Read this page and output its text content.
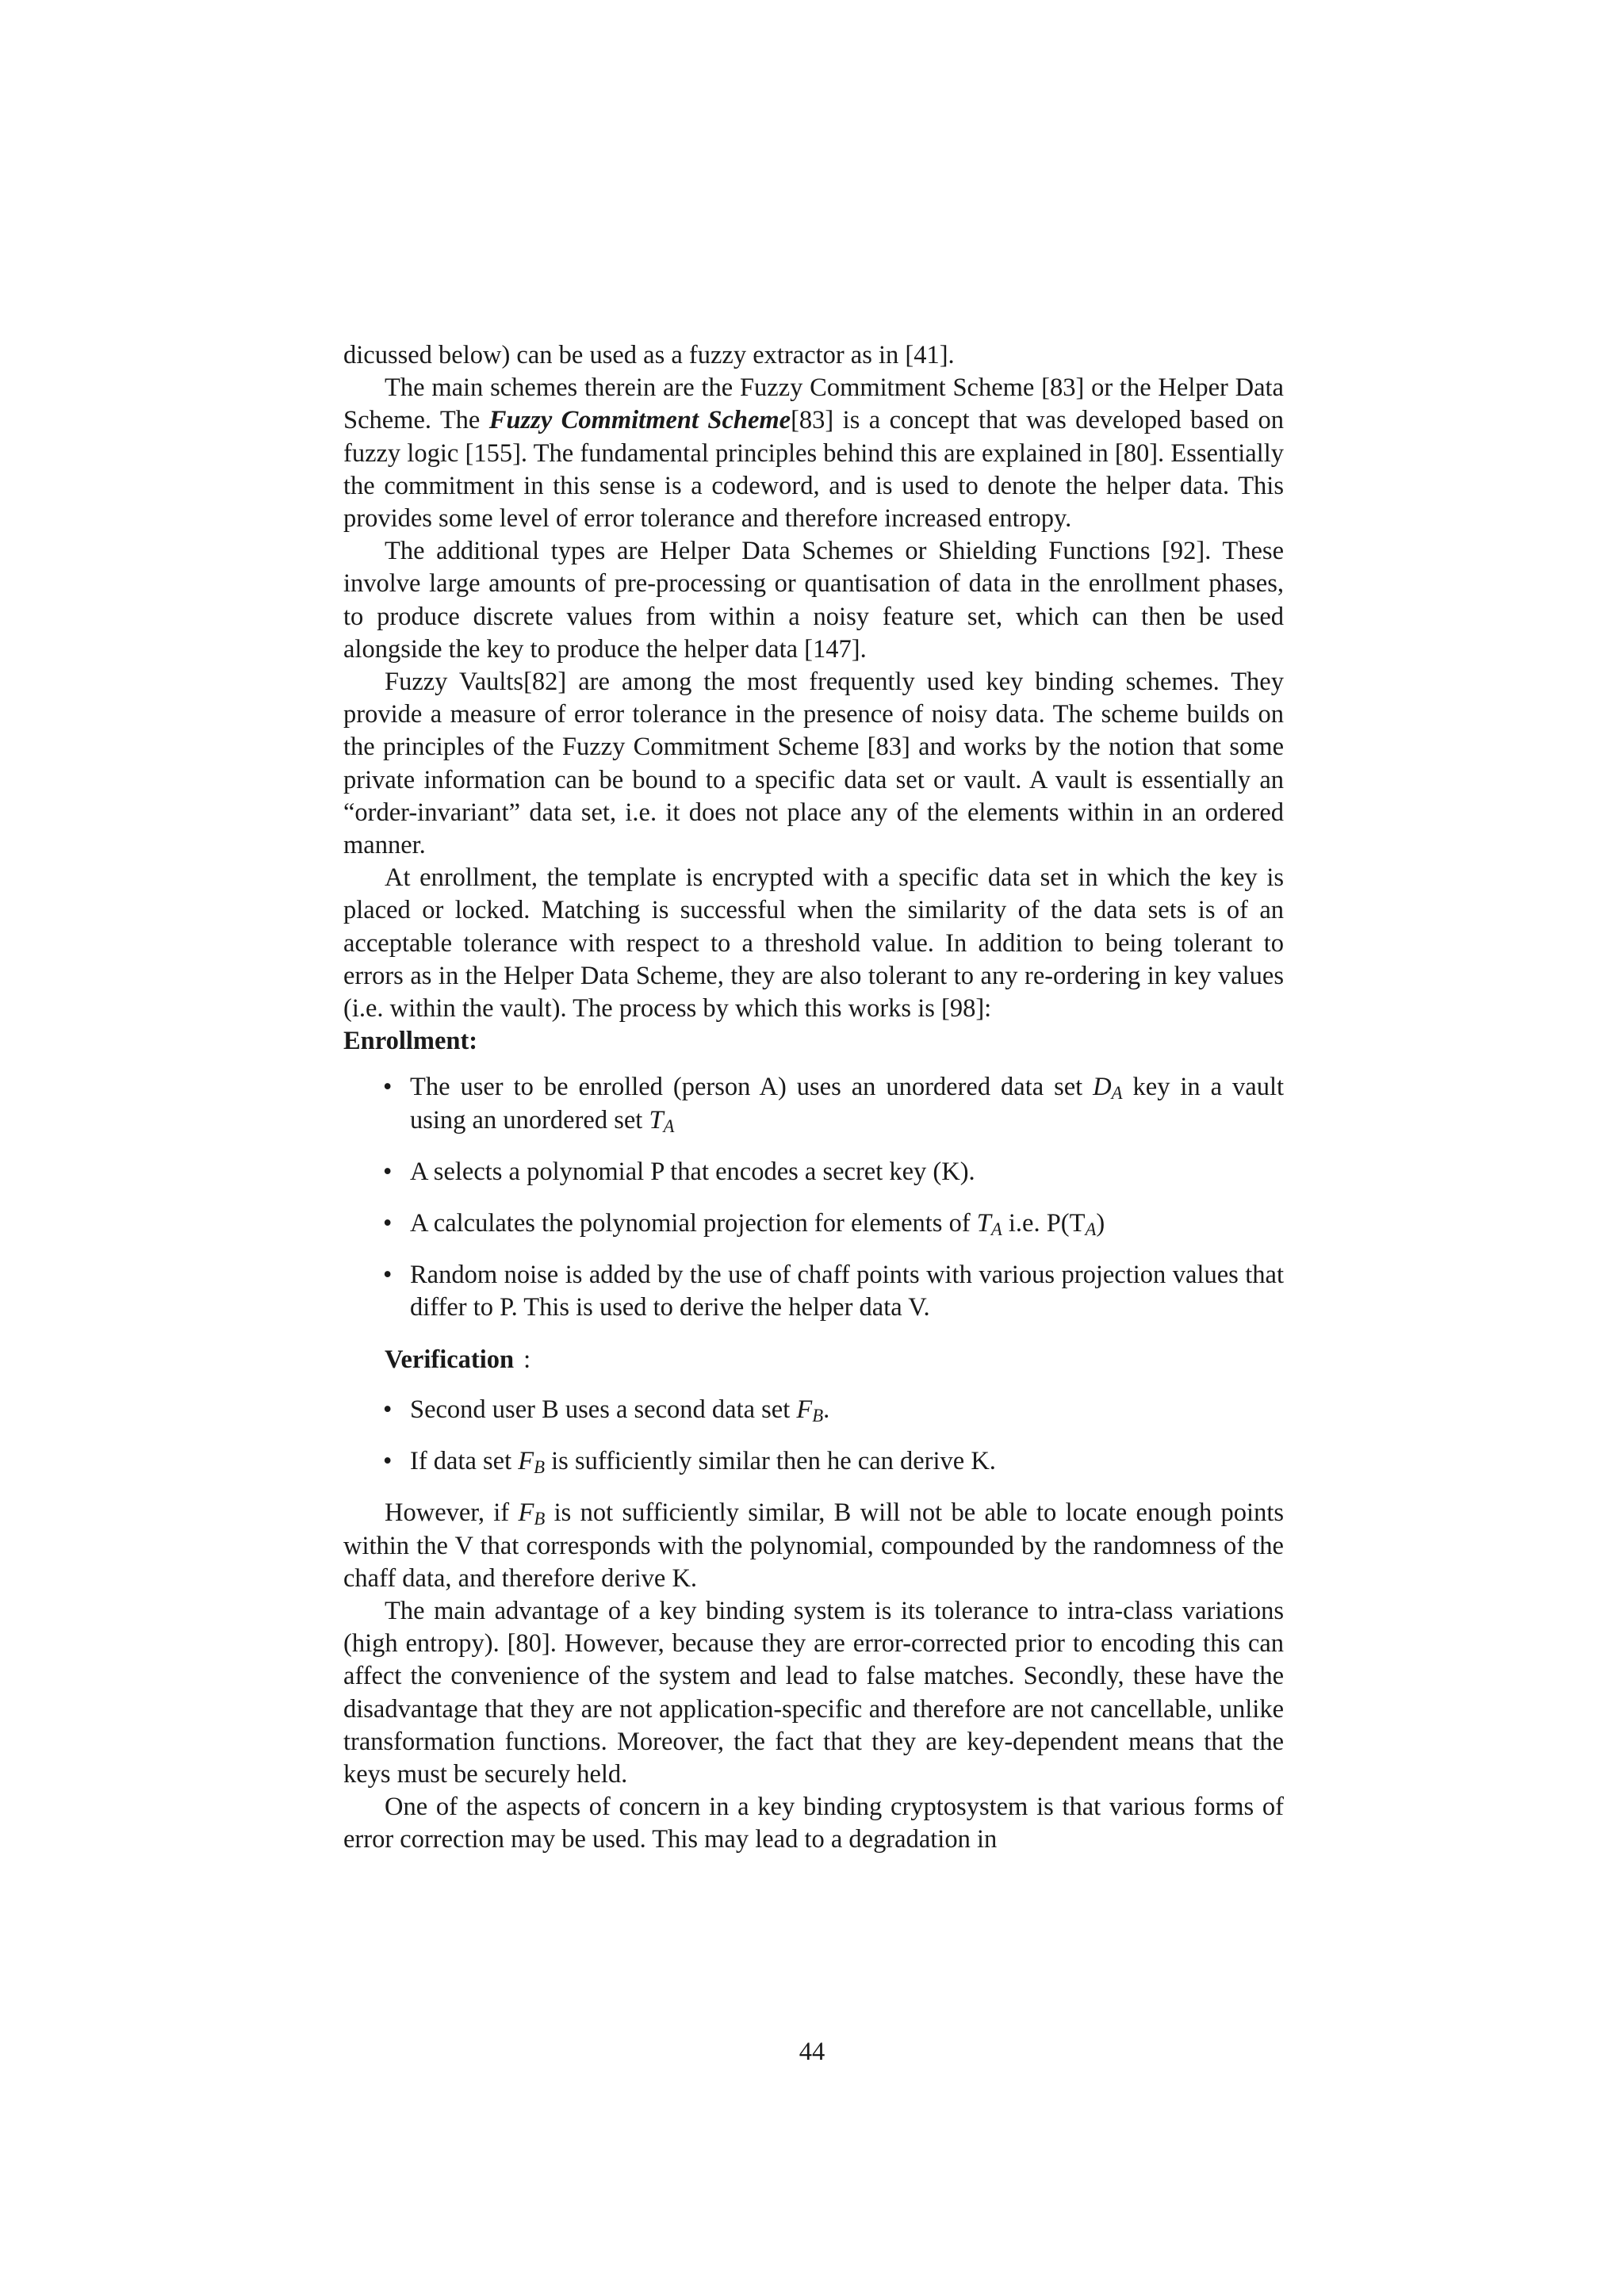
dicussed below) can be used as a fuzzy extractor as in [41].

The main schemes therein are the Fuzzy Commitment Scheme [83] or the Helper Data Scheme. The Fuzzy Commitment Scheme[83] is a concept that was developed based on fuzzy logic [155]. The fundamental principles behind this are explained in [80]. Essentially the commitment in this sense is a codeword, and is used to denote the helper data. This provides some level of error tolerance and therefore increased entropy.

The additional types are Helper Data Schemes or Shielding Functions [92]. These involve large amounts of pre-processing or quantisation of data in the enrollment phases, to produce discrete values from within a noisy feature set, which can then be used alongside the key to produce the helper data [147].

Fuzzy Vaults[82] are among the most frequently used key binding schemes. They provide a measure of error tolerance in the presence of noisy data. The scheme builds on the principles of the Fuzzy Commitment Scheme [83] and works by the notion that some private information can be bound to a specific data set or vault. A vault is essentially an “order-invariant” data set, i.e. it does not place any of the elements within in an ordered manner.

At enrollment, the template is encrypted with a specific data set in which the key is placed or locked. Matching is successful when the similarity of the data sets is of an acceptable tolerance with respect to a threshold value. In addition to being tolerant to errors as in the Helper Data Scheme, they are also tolerant to any re-ordering in key values (i.e. within the vault). The process by which this works is [98]:

Enrollment:
• The user to be enrolled (person A) uses an unordered data set $D_A$ key in a vault using an unordered set $T_A$
• A selects a polynomial P that encodes a secret key (K).
• A calculates the polynomial projection for elements of $T_A$ i.e. $P(T_A)$
• Random noise is added by the use of chaff points with various projection values that differ to P. This is used to derive the helper data V.
Verification :
• Second user B uses a second data set $F_B$.
• If data set $F_B$ is sufficiently similar then he can derive K.

However, if $F_B$ is not sufficiently similar, B will not be able to locate enough points within the V that corresponds with the polynomial, compounded by the randomness of the chaff data, and therefore derive K.

The main advantage of a key binding system is its tolerance to intra-class variations (high entropy). [80]. However, because they are error-corrected prior to encoding this can affect the convenience of the system and lead to false matches. Secondly, these have the disadvantage that they are not application-specific and therefore are not cancellable, unlike transformation functions. Moreover, the fact that they are key-dependent means that the keys must be securely held.

One of the aspects of concern in a key binding cryptosystem is that various forms of error correction may be used. This may lead to a degradation in

44
